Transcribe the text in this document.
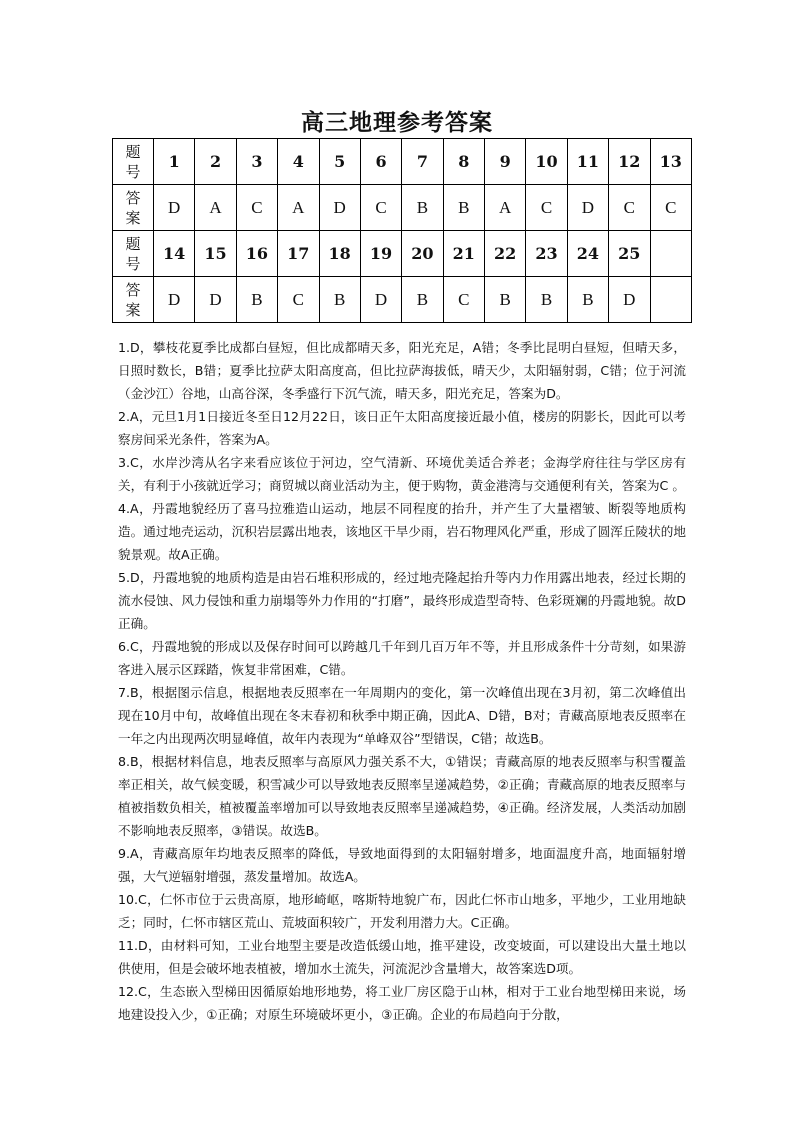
高三地理参考答案
题
号	1	2	3	4	5	6	7	8	9	10	11	12	13
答
案	D	A	C	A	D	C	B	B	A	C	D	C	C
题
号	14	15	16	17	18	19	20	21	22	23	24	25	
答
案	D	D	B	C	B	D	B	C	B	B	B	D	

1.D，攀枝花夏季比成都白昼短，但比成都晴天多，阳光充足，A错；冬季比昆明白昼短，但晴天多，日照时数长，B错；夏季比拉萨太阳高度高，但比拉萨海拔低，晴天少，太阳辐射弱，C错；位于河流（金沙江）谷地，山高谷深，冬季盛行下沉气流，晴天多，阳光充足，答案为D。

2.A，元旦1月1日接近冬至日12月22日，该日正午太阳高度接近最小值，楼房的阴影长，因此可以考察房间采光条件，答案为A。

3.C，水岸沙湾从名字来看应该位于河边，空气清新、环境优美适合养老；金海学府往往与学区房有关，有利于小孩就近学习；商贸城以商业活动为主，便于购物，黄金港湾与交通便利有关，答案为C 。

4.A，丹霞地貌经历了喜马拉雅造山运动，地层不同程度的抬升，并产生了大量褶皱、断裂等地质构造。通过地壳运动，沉积岩层露出地表，该地区干旱少雨，岩石物理风化严重，形成了圆浑丘陵状的地貌景观。故A正确。

5.D，丹霞地貌的地质构造是由岩石堆积形成的，经过地壳隆起抬升等内力作用露出地表，经过长期的流水侵蚀、风力侵蚀和重力崩塌等外力作用的“打磨”，最终形成造型奇特、色彩斑斓的丹霞地貌。故D正确。

6.C，丹霞地貌的形成以及保存时间可以跨越几千年到几百万年不等，并且形成条件十分苛刻，如果游客进入展示区踩踏，恢复非常困难，C错。

7.B，根据图示信息，根据地表反照率在一年周期内的变化，第一次峰值出现在3月初，第二次峰值出现在10月中旬，故峰值出现在冬末春初和秋季中期正确，因此A、D错，B对；青藏高原地表反照率在一年之内出现两次明显峰值，故年内表现为“单峰双谷”型错误，C错；故选B。

8.B，根据材料信息，地表反照率与高原风力强关系不大，①错误；青藏高原的地表反照率与积雪覆盖率正相关，故气候变暖，积雪减少可以导致地表反照率呈递减趋势，②正确；青藏高原的地表反照率与植被指数负相关，植被覆盖率增加可以导致地表反照率呈递减趋势，④正确。经济发展，人类活动加剧不影响地表反照率，③错误。故选B。

9.A，青藏高原年均地表反照率的降低，导致地面得到的太阳辐射增多，地面温度升高，地面辐射增强，大气逆辐射增强，蒸发量增加。故选A。

10.C，仁怀市位于云贵高原，地形崎岖，喀斯特地貌广布，因此仁怀市山地多，平地少，工业用地缺乏；同时，仁怀市辖区荒山、荒坡面积较广，开发利用潜力大。C正确。

11.D，由材料可知，工业台地型主要是改造低缓山地，推平建设，改变坡面，可以建设出大量土地以供使用，但是会破坏地表植被，增加水土流失，河流泥沙含量增大，故答案选D项。

12.C，生态嵌入型梯田因循原始地形地势，将工业厂房区隐于山林，相对于工业台地型梯田来说，场地建设投入少，①正确；对原生环境破坏更小，③正确。企业的布局趋向于分散，
